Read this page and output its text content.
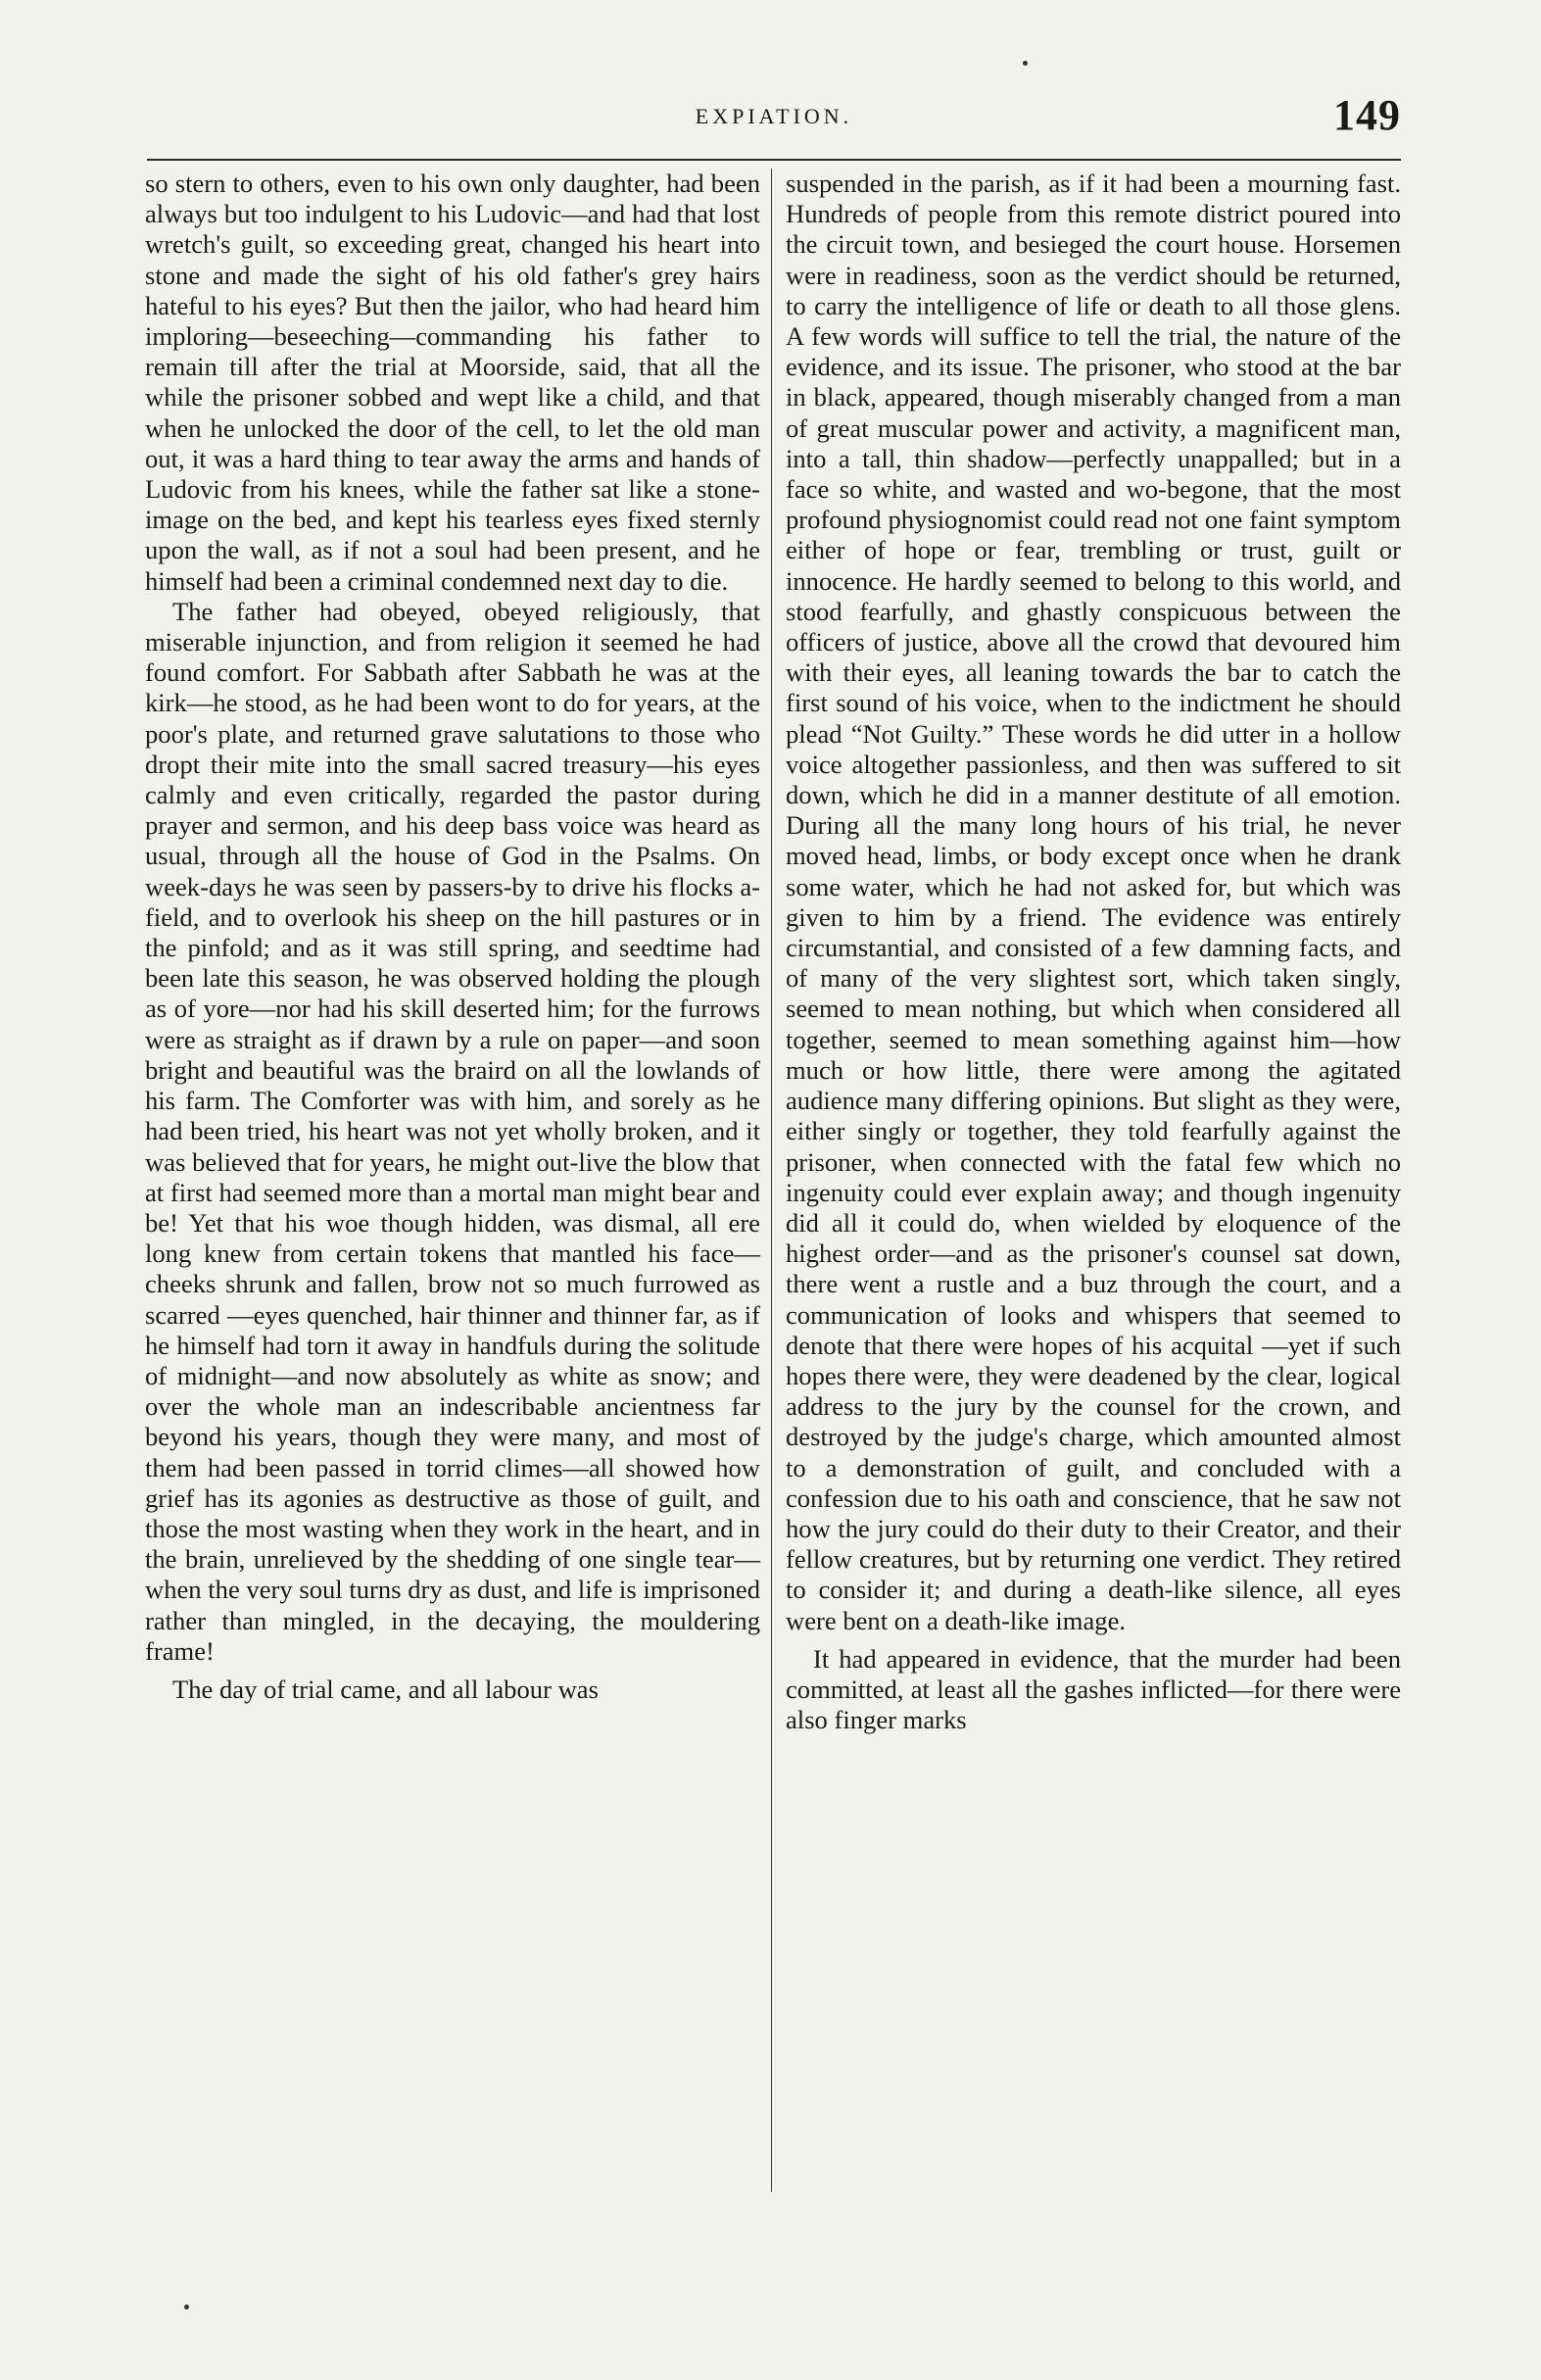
EXPIATION.	149

so stern to others, even to his own only daughter, had been always but too indulgent to his Ludovic—and had that lost wretch's guilt, so exceeding great, changed his heart into stone and made the sight of his old father's grey hairs hateful to his eyes? But then the jailor, who had heard him imploring—beseeching—commanding his father to remain till after the trial at Moorside, said, that all the while the prisoner sobbed and wept like a child, and that when he unlocked the door of the cell, to let the old man out, it was a hard thing to tear away the arms and hands of Ludovic from his knees, while the father sat like a stone-image on the bed, and kept his tearless eyes fixed sternly upon the wall, as if not a soul had been present, and he himself had been a criminal condemned next day to die.

The father had obeyed, obeyed religiously, that miserable injunction, and from religion it seemed he had found comfort. For Sabbath after Sabbath he was at the kirk—he stood, as he had been wont to do for years, at the poor's plate, and returned grave salutations to those who dropt their mite into the small sacred treasury—his eyes calmly and even critically, regarded the pastor during prayer and sermon, and his deep bass voice was heard as usual, through all the house of God in the Psalms. On week-days he was seen by passers-by to drive his flocks a-field, and to overlook his sheep on the hill pastures or in the pinfold; and as it was still spring, and seedtime had been late this season, he was observed holding the plough as of yore—nor had his skill deserted him; for the furrows were as straight as if drawn by a rule on paper—and soon bright and beautiful was the braird on all the lowlands of his farm. The Comforter was with him, and sorely as he had been tried, his heart was not yet wholly broken, and it was believed that for years, he might out-live the blow that at first had seemed more than a mortal man might bear and be! Yet that his woe though hidden, was dismal, all ere long knew from certain tokens that mantled his face—cheeks shrunk and fallen, brow not so much furrowed as scarred —eyes quenched, hair thinner and thinner far, as if he himself had torn it away in handfuls during the solitude of midnight—and now absolutely as white as snow; and over the whole man an indescribable ancientness far beyond his years, though they were many, and most of them had been passed in torrid climes—all showed how grief has its agonies as destructive as those of guilt, and those the most wasting when they work in the heart, and in the brain, unrelieved by the shedding of one single tear—when the very soul turns dry as dust, and life is imprisoned rather than mingled, in the decaying, the mouldering frame!

The day of trial came, and all labour was

suspended in the parish, as if it had been a mourning fast. Hundreds of people from this remote district poured into the circuit town, and besieged the court house. Horsemen were in readiness, soon as the verdict should be returned, to carry the intelligence of life or death to all those glens. A few words will suffice to tell the trial, the nature of the evidence, and its issue. The prisoner, who stood at the bar in black, appeared, though miserably changed from a man of great muscular power and activity, a magnificent man, into a tall, thin shadow—perfectly unappalled; but in a face so white, and wasted and wo-begone, that the most profound physiognomist could read not one faint symptom either of hope or fear, trembling or trust, guilt or innocence. He hardly seemed to belong to this world, and stood fearfully, and ghastly conspicuous between the officers of justice, above all the crowd that devoured him with their eyes, all leaning towards the bar to catch the first sound of his voice, when to the indictment he should plead “Not Guilty.” These words he did utter in a hollow voice altogether passionless, and then was suffered to sit down, which he did in a manner destitute of all emotion. During all the many long hours of his trial, he never moved head, limbs, or body except once when he drank some water, which he had not asked for, but which was given to him by a friend. The evidence was entirely circumstantial, and consisted of a few damning facts, and of many of the very slightest sort, which taken singly, seemed to mean nothing, but which when considered all together, seemed to mean something against him—how much or how little, there were among the agitated audience many differing opinions. But slight as they were, either singly or together, they told fearfully against the prisoner, when connected with the fatal few which no ingenuity could ever explain away; and though ingenuity did all it could do, when wielded by eloquence of the highest order—and as the prisoner's counsel sat down, there went a rustle and a buz through the court, and a communication of looks and whispers that seemed to denote that there were hopes of his acquital —yet if such hopes there were, they were deadened by the clear, logical address to the jury by the counsel for the crown, and destroyed by the judge's charge, which amounted almost to a demonstration of guilt, and concluded with a confession due to his oath and conscience, that he saw not how the jury could do their duty to their Creator, and their fellow creatures, but by returning one verdict. They retired to consider it; and during a death-like silence, all eyes were bent on a death-like image.

It had appeared in evidence, that the murder had been committed, at least all the gashes inflicted—for there were also finger marks
